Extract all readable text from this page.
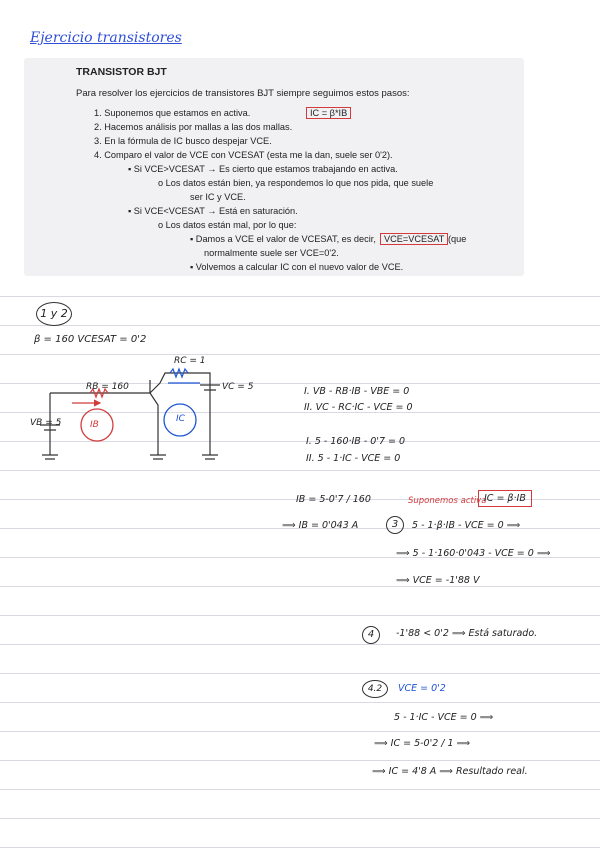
Ejercicio transistores
TRANSISTOR BJT
Para resolver los ejercicios de transistores BJT siempre seguimos estos pasos:
1. Suponemos que estamos en activa.	IC = β*IB
2. Hacemos análisis por mallas a las dos mallas.
3. En la fórmula de IC busco despejar VCE.
4. Comparo el valor de VCE con VCESAT (esta me la dan, suele ser 0'2).
▪ Si VCE>VCESAT → Es cierto que estamos trabajando en activa.
o Los datos están bien, ya respondemos lo que nos pida, que suele
ser IC y VCE.
▪ Si VCE<VCESAT → Está en saturación.
o Los datos están mal, por lo que:
▪ Damos a VCE el valor de VCESAT, es decir, VCE=VCESAT (que
normalmente suele ser VCE=0'2.
▪ Volvemos a calcular IC con el nuevo valor de VCE.
1 y 2
β = 160 VCESAT = 0'2
RC = 1
RB = 160	VC = 5
VB = 5	IB
IC
I. VB - RB·IB - VBE = 0
II. VC - RC·IC - VCE = 0
I. 5 - 160·IB - 0'7 = 0
II. 5 - 1·IC - VCE = 0
IB = 5-0'7 / 160
⟹ IB = 0'043 A
Suponemos activa
IC = β·IB
3	5 - 1·β·IB - VCE = 0 ⟹
⟹ 5 - 1·160·0'043 - VCE = 0 ⟹
⟹ VCE = -1'88 V
4	-1'88 < 0'2 ⟹ Está saturado.
4.2	VCE = 0'2
5 - 1·IC - VCE = 0 ⟹
⟹ IC = 5-0'2 / 1 ⟹
⟹ IC = 4'8 A ⟹ Resultado real.
